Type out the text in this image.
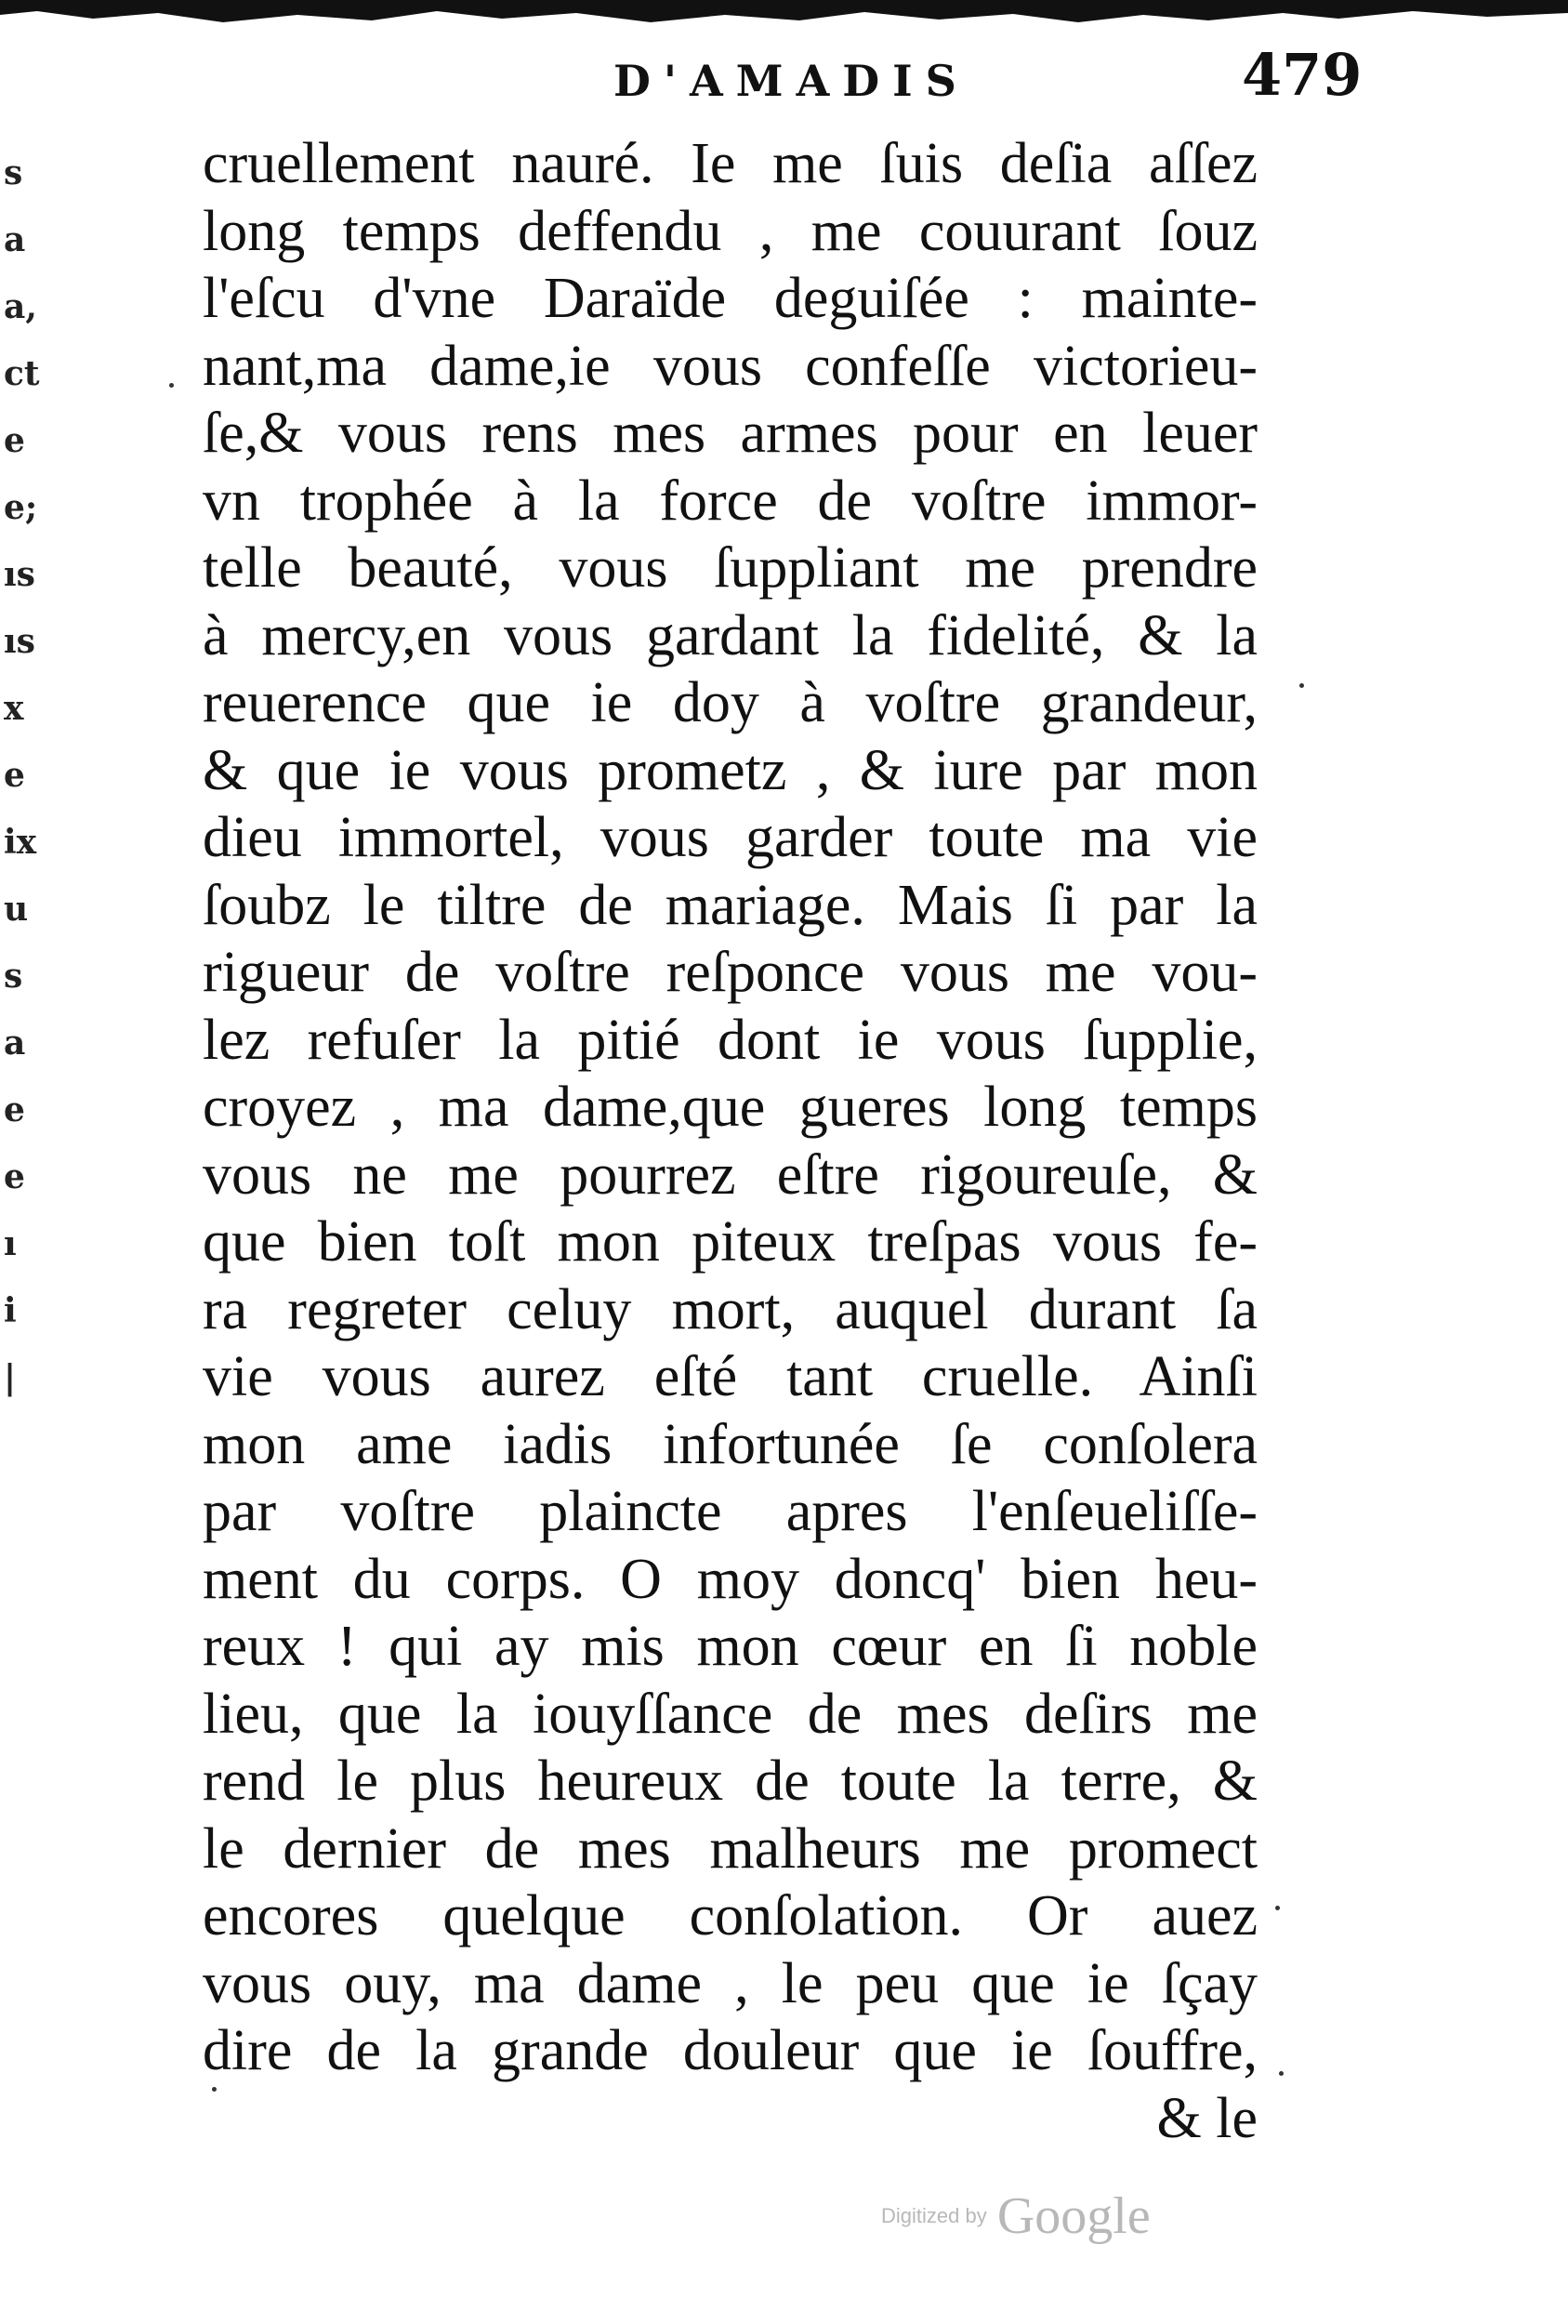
s
a
a,
ct
e
e;
ıs
ıs
x
e
ix
u
s
a
e
e
ı
i
|
D'AMADIS	479
cruellement nauré. Ie me ſuis deſia aſſez
long temps deffendu , me couurant ſouz
l'eſcu d'vne Daraïde deguiſée : mainte-
nant,ma dame,ie vous confeſſe victorieu-
ſe,& vous rens mes armes pour en leuer
vn trophée à la force de voſtre immor-
telle beauté, vous ſuppliant me prendre
à mercy,en vous gardant la fidelité, & la
reuerence que ie doy à voſtre grandeur,
& que ie vous prometz , & iure par mon
dieu immortel, vous garder toute ma vie
ſoubz le tiltre de mariage. Mais ſi par la
rigueur de voſtre reſponce vous me vou-
lez refuſer la pitié dont ie vous ſupplie,
croyez , ma dame,que gueres long temps
vous ne me pourrez eſtre rigoureuſe, &
que bien toſt mon piteux treſpas vous fe-
ra regreter celuy mort, auquel durant ſa
vie vous aurez eſté tant cruelle. Ainſi
mon ame iadis infortunée ſe conſolera
par voſtre plaincte apres l'enſeueliſſe-
ment du corps. O moy doncq' bien heu-
reux ! qui ay mis mon cœur en ſi noble
lieu, que la iouyſſance de mes deſirs me
rend le plus heureux de toute la terre, &
le dernier de mes malheurs me promect
encores quelque conſolation. Or auez
vous ouy, ma dame , le peu que ie ſçay
dire de la grande douleur que ie ſouffre,
& le
Digitized by Google
